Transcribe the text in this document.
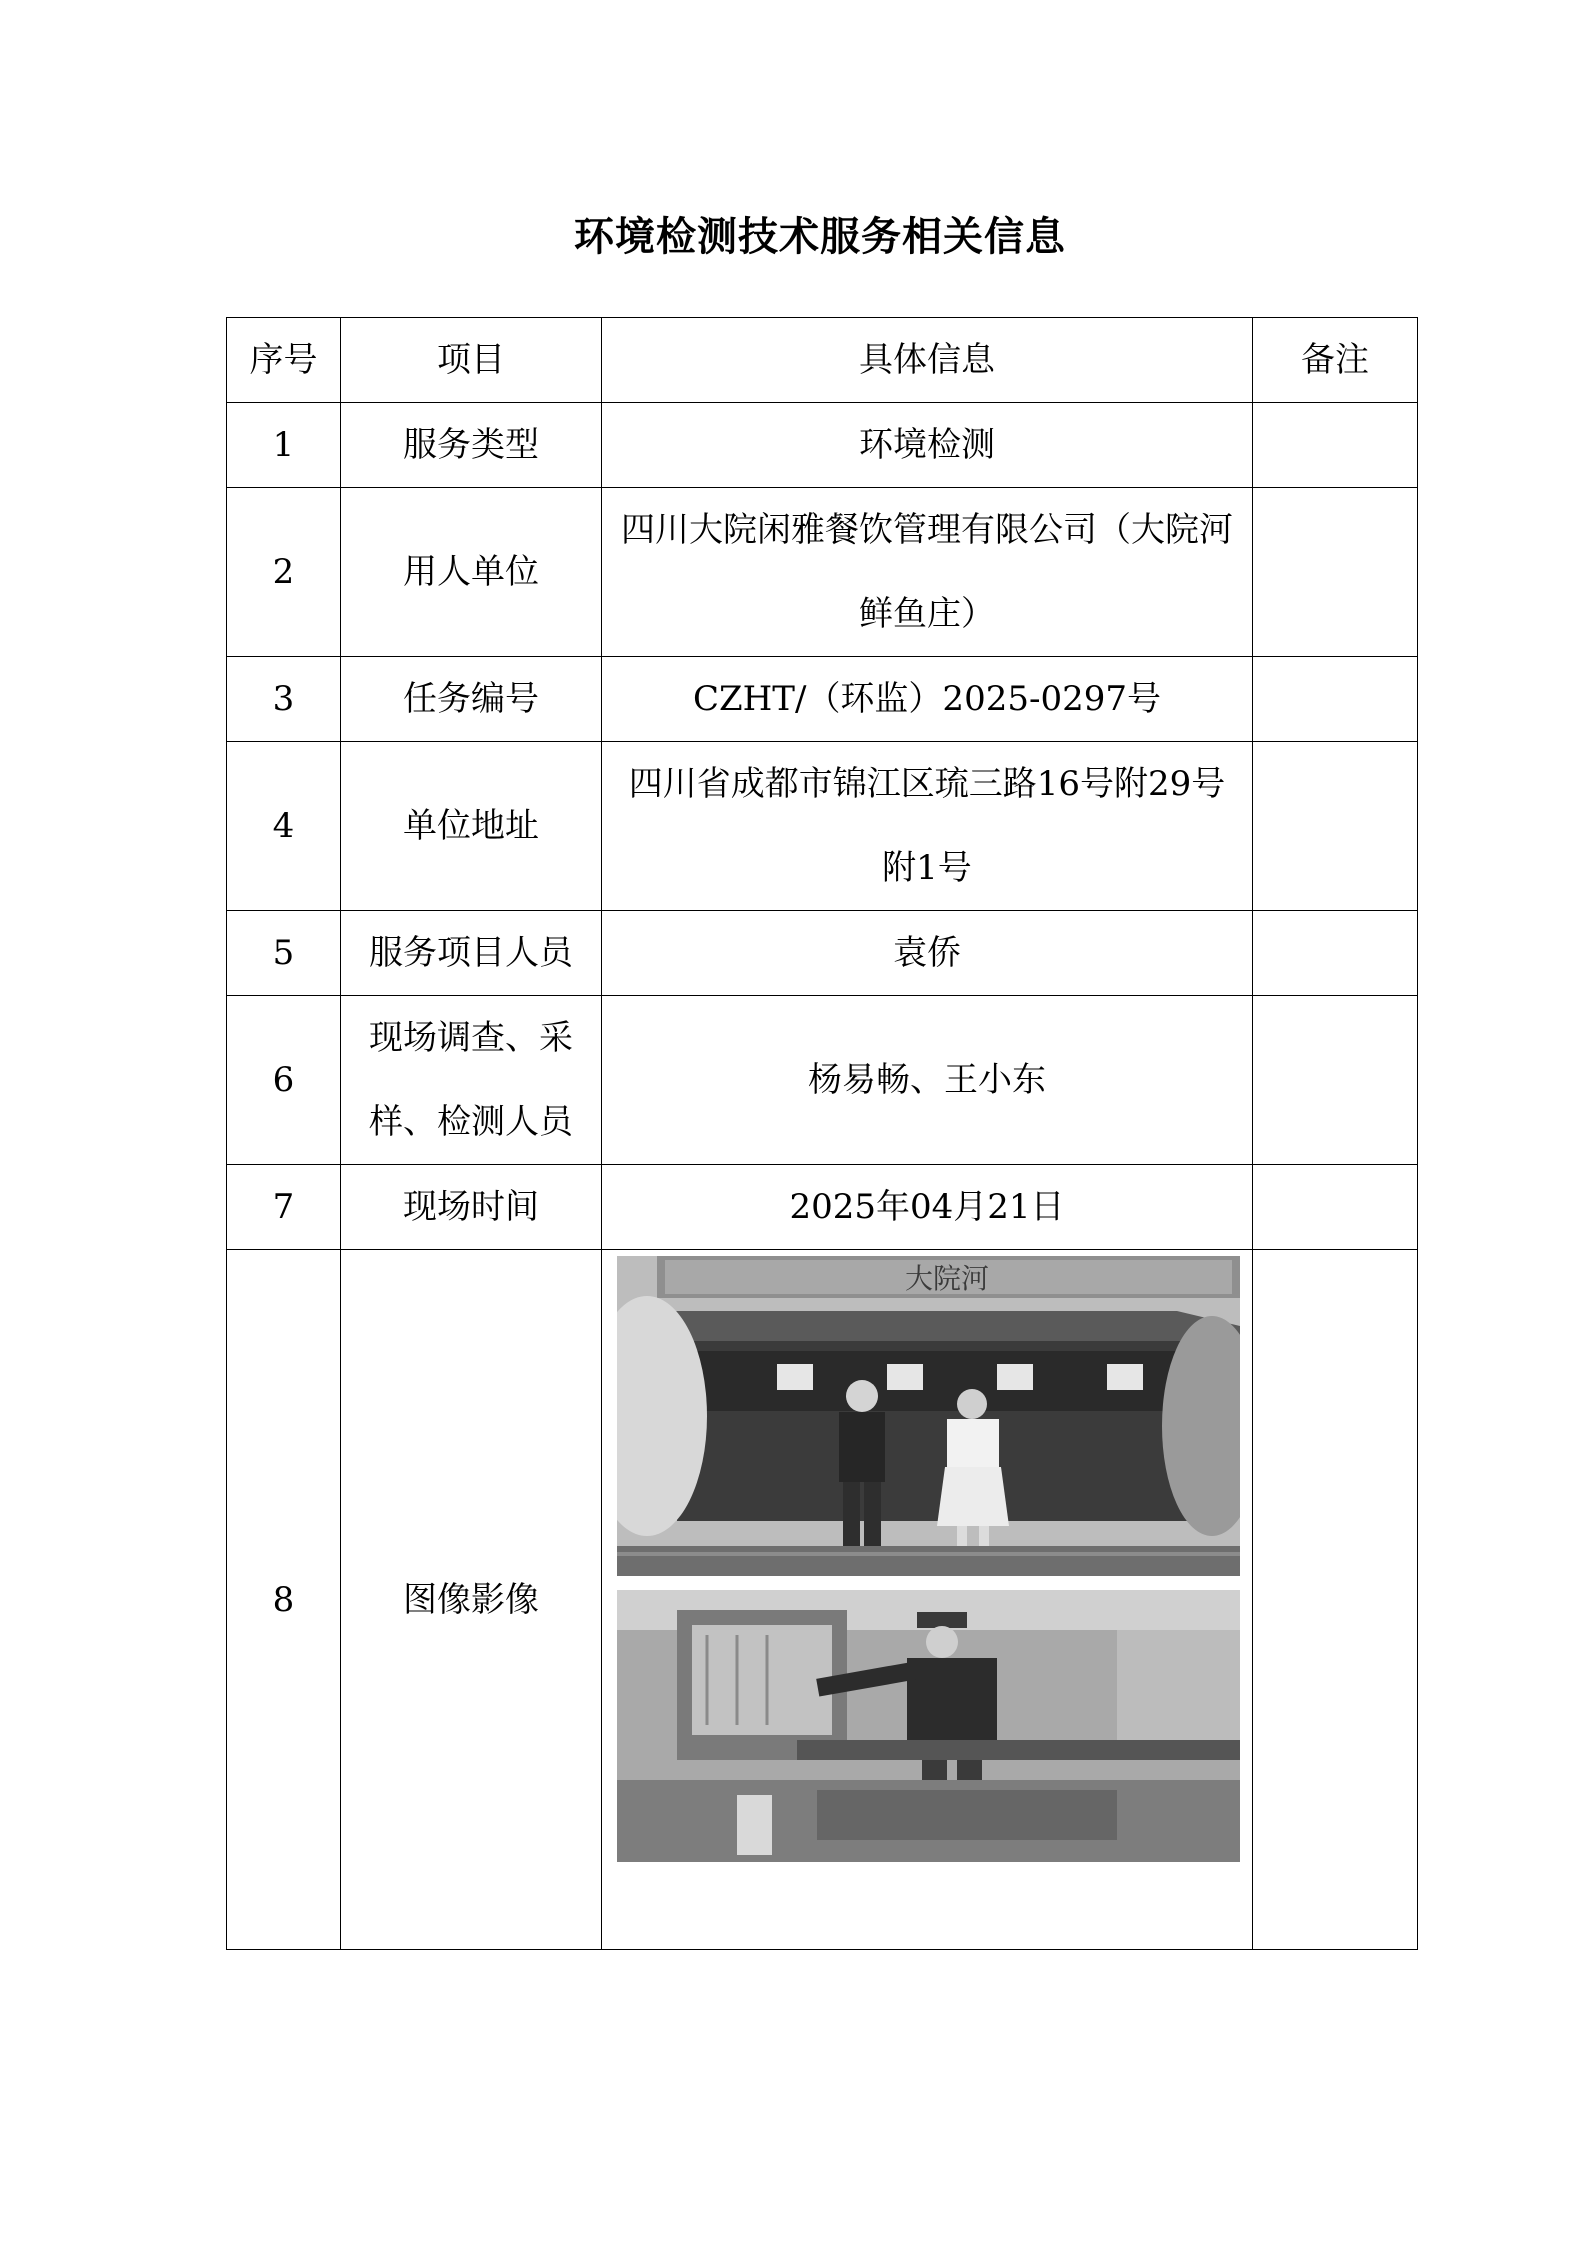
环境检测技术服务相关信息
序号	项目	具体信息	备注
1	服务类型	环境检测	
2	用人单位	四川大院闲雅餐饮管理有限公司（大院河鲜鱼庄）	
3	任务编号	CZHT/（环监）2025-0297号	
4	单位地址	四川省成都市锦江区琉三路16号附29号附1号	
5	服务项目人员	袁侨	
6	现场调查、采样、检测人员	杨易畅、王小东	
7	现场时间	2025年04月21日	
8	图像影像	大院河	
